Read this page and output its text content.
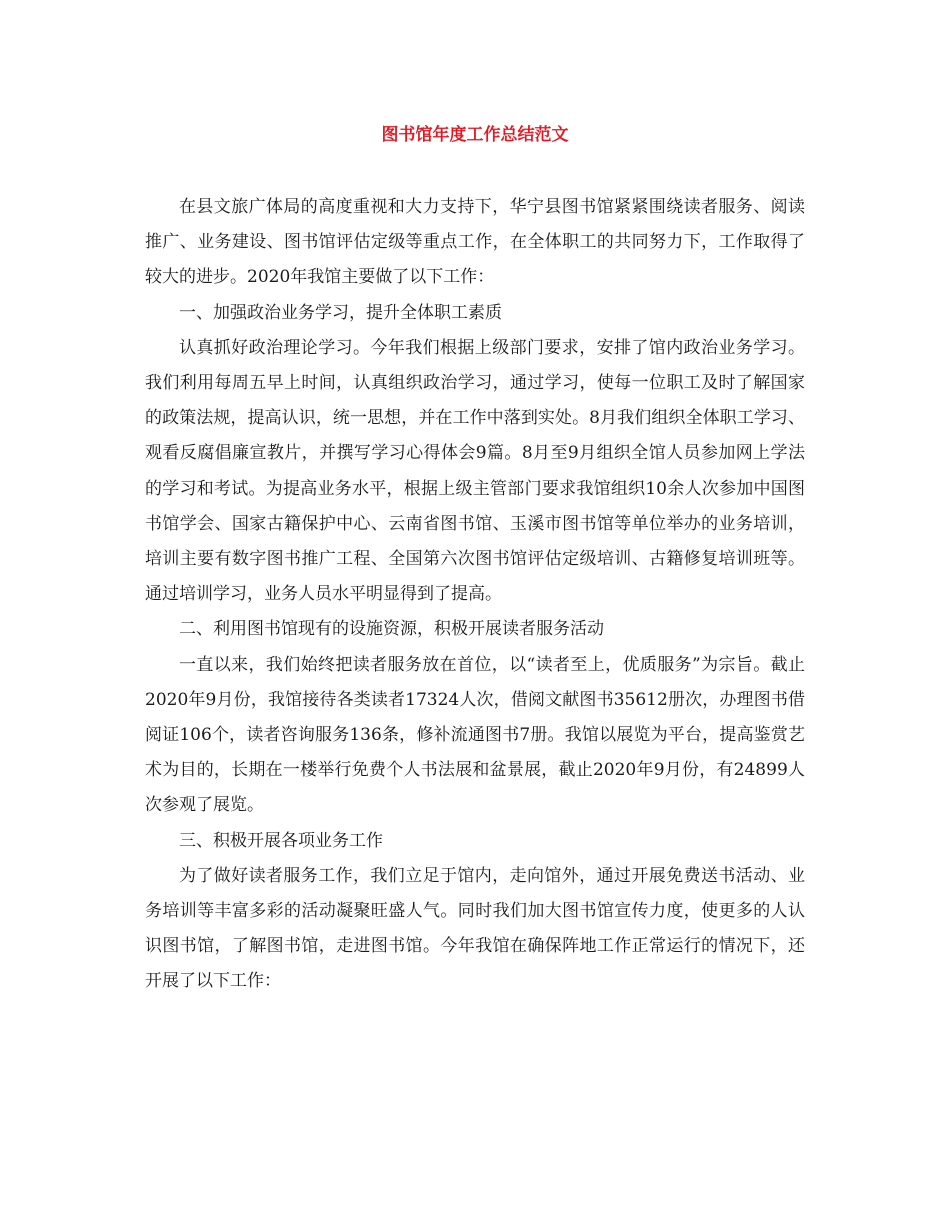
图书馆年度工作总结范文

在县文旅广体局的高度重视和大力支持下，华宁县图书馆紧紧围绕读者服务、阅读推广、业务建设、图书馆评估定级等重点工作，在全体职工的共同努力下，工作取得了较大的进步。2020年我馆主要做了以下工作：

一、加强政治业务学习，提升全体职工素质

认真抓好政治理论学习。今年我们根据上级部门要求，安排了馆内政治业务学习。我们利用每周五早上时间，认真组织政治学习，通过学习，使每一位职工及时了解国家的政策法规，提高认识，统一思想，并在工作中落到实处。8月我们组织全体职工学习、观看反腐倡廉宣教片，并撰写学习心得体会9篇。8月至9月组织全馆人员参加网上学法的学习和考试。为提高业务水平，根据上级主管部门要求我馆组织10余人次参加中国图书馆学会、国家古籍保护中心、云南省图书馆、玉溪市图书馆等单位举办的业务培训，培训主要有数字图书推广工程、全国第六次图书馆评估定级培训、古籍修复培训班等。通过培训学习，业务人员水平明显得到了提高。

二、利用图书馆现有的设施资源，积极开展读者服务活动

一直以来，我们始终把读者服务放在首位，以“读者至上，优质服务”为宗旨。截止2020年9月份，我馆接待各类读者17324人次，借阅文献图书35612册次，办理图书借阅证106个，读者咨询服务136条，修补流通图书7册。我馆以展览为平台，提高鉴赏艺术为目的，长期在一楼举行免费个人书法展和盆景展，截止2020年9月份，有24899人次参观了展览。

三、积极开展各项业务工作

为了做好读者服务工作，我们立足于馆内，走向馆外，通过开展免费送书活动、业务培训等丰富多彩的活动凝聚旺盛人气。同时我们加大图书馆宣传力度，使更多的人认识图书馆，了解图书馆，走进图书馆。今年我馆在确保阵地工作正常运行的情况下，还开展了以下工作：
